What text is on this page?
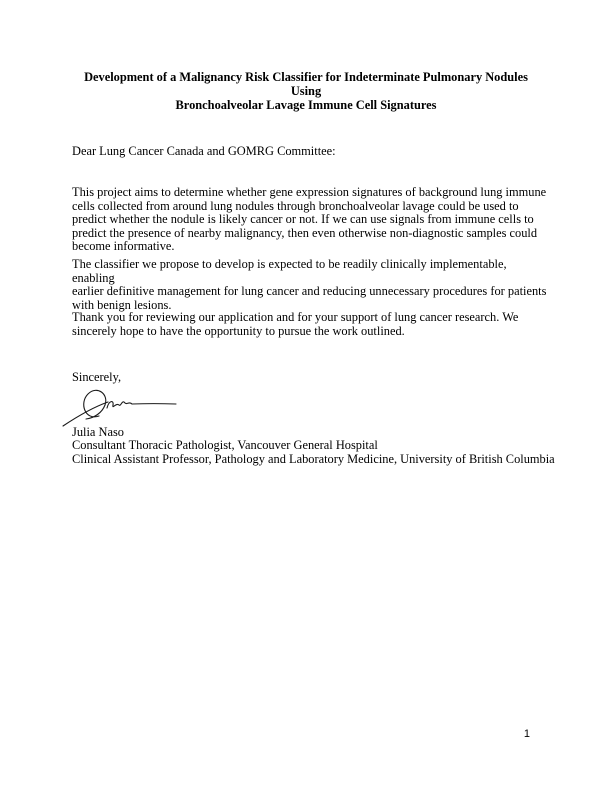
Development of a Malignancy Risk Classifier for Indeterminate Pulmonary Nodules Using
Bronchoalveolar Lavage Immune Cell Signatures
Dear Lung Cancer Canada and GOMRG Committee:
This project aims to determine whether gene expression signatures of background lung immune
cells collected from around lung nodules through bronchoalveolar lavage could be used to
predict whether the nodule is likely cancer or not. If we can use signals from immune cells to
predict the presence of nearby malignancy, then even otherwise non-diagnostic samples could
become informative.
The classifier we propose to develop is expected to be readily clinically implementable, enabling
earlier definitive management for lung cancer and reducing unnecessary procedures for patients
with benign lesions.
Thank you for reviewing our application and for your support of lung cancer research. We
sincerely hope to have the opportunity to pursue the work outlined.
Sincerely,
Julia Naso
Consultant Thoracic Pathologist, Vancouver General Hospital
Clinical Assistant Professor, Pathology and Laboratory Medicine, University of British Columbia
1
